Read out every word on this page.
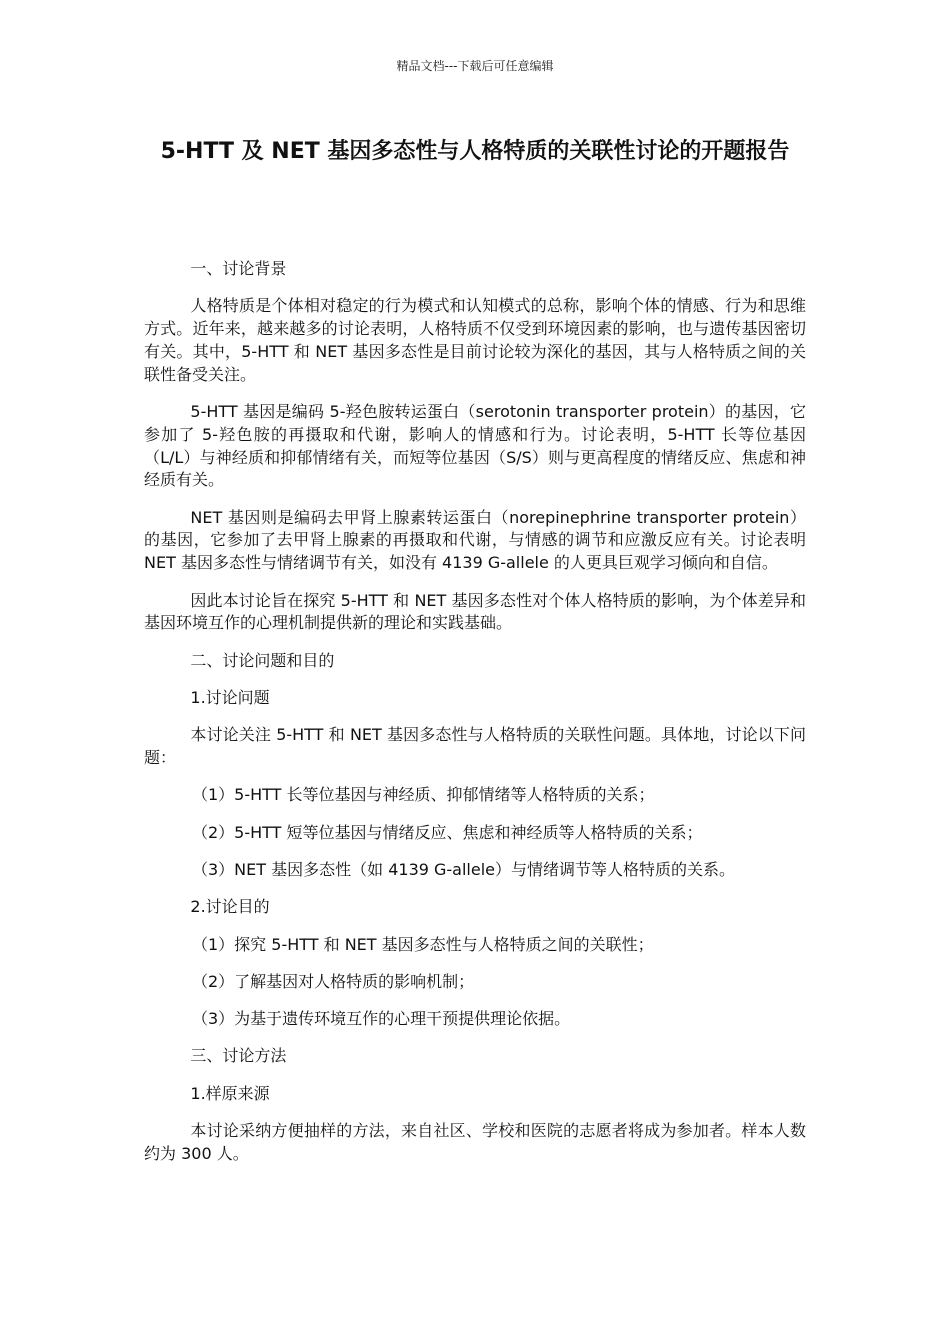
精品文档---下载后可任意编辑
5-HTT 及 NET 基因多态性与人格特质的关联性讨论的开题报告

一、讨论背景

人格特质是个体相对稳定的行为模式和认知模式的总称，影响个体的情感、行为和思维方式。近年来，越来越多的讨论表明，人格特质不仅受到环境因素的影响，也与遗传基因密切有关。其中，5-HTT 和 NET 基因多态性是目前讨论较为深化的基因，其与人格特质之间的关联性备受关注。

5-HTT 基因是编码 5-羟色胺转运蛋白（serotonin transporter protein）的基因，它参加了 5-羟色胺的再摄取和代谢，影响人的情感和行为。讨论表明，5-HTT 长等位基因（L/L）与神经质和抑郁情绪有关，而短等位基因（S/S）则与更高程度的情绪反应、焦虑和神经质有关。

NET 基因则是编码去甲肾上腺素转运蛋白（norepinephrine transporter protein）的基因，它参加了去甲肾上腺素的再摄取和代谢，与情感的调节和应激反应有关。讨论表明 NET 基因多态性与情绪调节有关，如没有 4139 G-allele 的人更具巨观学习倾向和自信。

因此本讨论旨在探究 5-HTT 和 NET 基因多态性对个体人格特质的影响，为个体差异和基因环境互作的心理机制提供新的理论和实践基础。

二、讨论问题和目的

1.讨论问题

本讨论关注 5-HTT 和 NET 基因多态性与人格特质的关联性问题。具体地，讨论以下问题：

（1）5-HTT 长等位基因与神经质、抑郁情绪等人格特质的关系；

（2）5-HTT 短等位基因与情绪反应、焦虑和神经质等人格特质的关系；

（3）NET 基因多态性（如 4139 G-allele）与情绪调节等人格特质的关系。

2.讨论目的

（1）探究 5-HTT 和 NET 基因多态性与人格特质之间的关联性；

（2）了解基因对人格特质的影响机制；

（3）为基于遗传环境互作的心理干预提供理论依据。

三、讨论方法

1.样原来源

本讨论采纳方便抽样的方法，来自社区、学校和医院的志愿者将成为参加者。样本人数约为 300 人。
